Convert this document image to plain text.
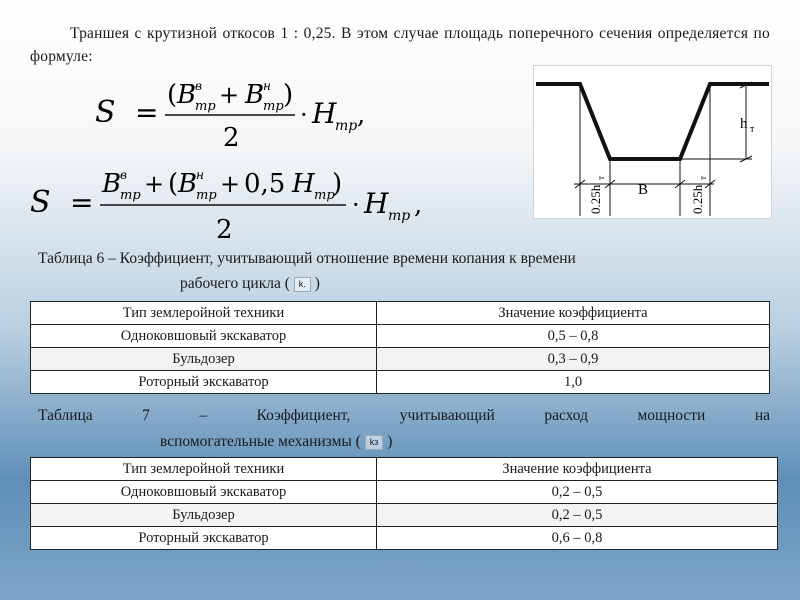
Траншея с крутизной откосов 1 : 0,25. В этом случае площадь поперечного сечения определяется по формуле:
S =
( B
в
тр + B
н
тр )
2
· H
тр ,
S =
B
в
тр + ( B
н
тр + 0,5 H тр
)
2
· H тр ,
h т
B
0.25h
т
0.25h
т
Таблица 6 – Коэффициент, учитывающий отношение времени копания к времени
рабочего цикла ( k. )
Тип землеройной техники	Значение коэффициента
Одноковшовый экскаватор	0,5 – 0,8
Бульдозер	0,3 – 0,9
Роторный экскаватор	1,0
Таблица 7 – Коэффициент, учитывающий расход мощности на
вспомогательные механизмы ( kз )
Тип землеройной техники	Значение коэффициента
Одноковшовый экскаватор	0,2 – 0,5
Бульдозер	0,2 – 0,5
Роторный экскаватор	0,6 – 0,8
8
